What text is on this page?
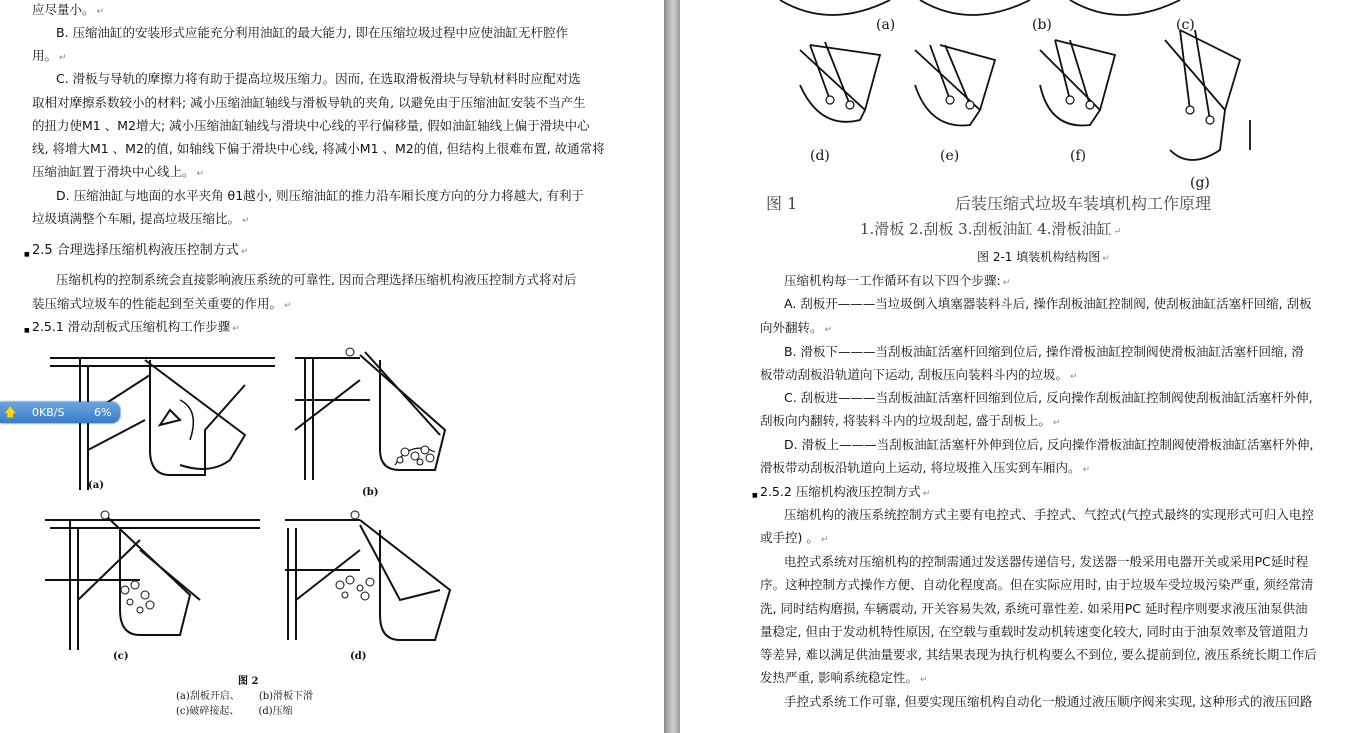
应尽量小。 ↵
B. 压缩油缸的安装形式应能充分利用油缸的最大能力, 即在压缩垃圾过程中应使油缸无杆腔作
用。 ↵
C. 滑板与导轨的摩擦力将有助于提高垃圾压缩力。因而, 在选取滑板滑块与导轨材料时应配对选
取相对摩擦系数较小的材料; 减小压缩油缸轴线与滑板导轨的夹角, 以避免由于压缩油缸安装不当产生
的扭力使M1 、M2增大; 减小压缩油缸轴线与滑块中心线的平行偏移量, 假如油缸轴线上偏于滑块中心
线, 将增大M1 、M2的值, 如轴线下偏于滑块中心线, 将减小M1 、M2的值, 但结构上很难布置, 故通常将
压缩油缸置于滑块中心线上。 ↵
D. 压缩油缸与地面的水平夹角 θ1越小, 则压缩油缸的推力沿车厢长度方向的分力将越大, 有利于
垃圾填满整个车厢, 提高垃圾压缩比。 ↵
■ 2.5 合理选择压缩机构液压控制方式 ↵
压缩机构的控制系统会直接影响液压系统的可靠性, 因而合理选择压缩机构液压控制方式将对后
装压缩式垃圾车的性能起到至关重要的作用。 ↵
■ 2.5.1 滑动刮板式压缩机构工作步骤 ↵
(a)
(b)
(c)	(d)
图 2
(a)刮板开启、      (b)滑板下滑
(c)破碎接起、      (d)压缩
(a)	(b)	(c)
(d)	(e)	(f)
(g)
图 1	后装压缩式垃圾车装填机构工作原理
1.滑板 2.刮板 3.刮板油缸 4.滑板油缸 ↵
图 2-1 填装机构结构图 ↵
压缩机构每一工作循环有以下四个步骤: ↵
A. 刮板开———当垃圾倒入填塞器装料斗后, 操作刮板油缸控制阀, 使刮板油缸活塞杆回缩, 刮板
向外翻转。 ↵
B. 滑板下———当刮板油缸活塞杆回缩到位后, 操作滑板油缸控制阀使滑板油缸活塞杆回缩, 滑
板带动刮板沿轨道向下运动, 刮板压向装料斗内的垃圾。 ↵
C. 刮板进———当刮板油缸活塞杆回缩到位后, 反向操作刮板油缸控制阀使刮板油缸活塞杆外伸,
刮板向内翻转, 将装料斗内的垃圾刮起, 盛于刮板上。 ↵
D. 滑板上———当刮板油缸活塞杆外伸到位后, 反向操作滑板油缸控制阀使滑板油缸活塞杆外伸,
滑板带动刮板沿轨道向上运动, 将垃圾推入压实到车厢内。 ↵
■ 2.5.2 压缩机构液压控制方式 ↵
压缩机构的液压系统控制方式主要有电控式、手控式、气控式(气控式最终的实现形式可归入电控
或手控) 。 ↵
电控式系统对压缩机构的控制需通过发送器传递信号, 发送器一般采用电器开关或采用PC延时程
序。这种控制方式操作方便、自动化程度高。但在实际应用时, 由于垃圾车受垃圾污染严重, 须经常清
洗, 同时结构磨损, 车辆震动, 开关容易失效, 系统可靠性差. 如采用PC 延时程序则要求液压油泵供油
量稳定, 但由于发动机特性原因, 在空载与重载时发动机转速变化较大, 同时由于油泵效率及管道阻力
等差异, 难以满足供油量要求, 其结果表现为执行机构要么不到位, 要么提前到位, 液压系统长期工作后
发热严重, 影响系统稳定性。 ↵
手控式系统工作可靠, 但要实现压缩机构自动化一般通过液压顺序阀来实现, 这种形式的液压回路
🡅 0KB/S	6%
